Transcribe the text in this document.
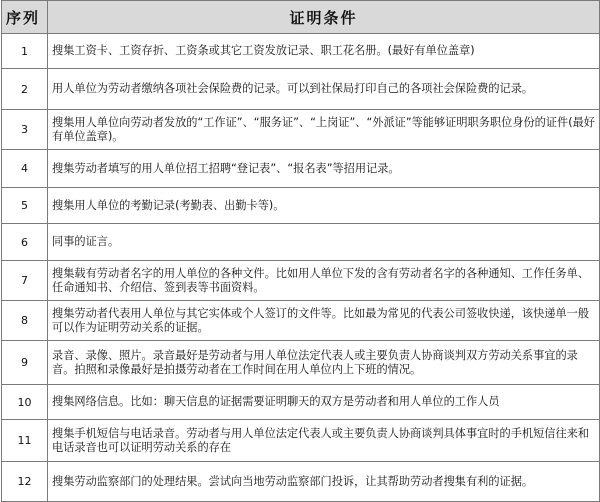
序列	证明条件
1	搜集工资卡、工资存折、工资条或其它工资发放记录、职工花名册。(最好有单位盖章)
2	用人单位为劳动者缴纳各项社会保险费的记录。可以到社保局打印自己的各项社会保险费的记录。
3	搜集用人单位向劳动者发放的“工作证”、“服务证”、“上岗证”、“外派证”等能够证明职务职位身份的证件(最好有单位盖章)。
4	搜集劳动者填写的用人单位招工招聘“登记表”、“报名表”等招用记录。
5	搜集用人单位的考勤记录(考勤表、出勤卡等)。
6	同事的证言。
7	搜集载有劳动者名字的用人单位的各种文件。比如用人单位下发的含有劳动者名字的各种通知、工作任务单、任命通知书、介绍信、签到表等书面资料。
8	搜集劳动者代表用人单位与其它实体或个人签订的文件等。比如最为常见的代表公司签收快递，该快递单一般可以作为证明劳动关系的证据。
9	录音、录像、照片。录音最好是劳动者与用人单位法定代表人或主要负责人协商谈判双方劳动关系事宜的录音。拍照和录像最好是拍摄劳动者在工作时间在用人单位内上下班的情况。
10	搜集网络信息。比如：聊天信息的证据需要证明聊天的双方是劳动者和用人单位的工作人员
11	搜集手机短信与电话录音。劳动者与用人单位法定代表人或主要负责人协商谈判具体事宜时的手机短信往来和电话录音也可以证明劳动关系的存在
12	搜集劳动监察部门的处理结果。尝试向当地劳动监察部门投诉，让其帮助劳动者搜集有利的证据。
